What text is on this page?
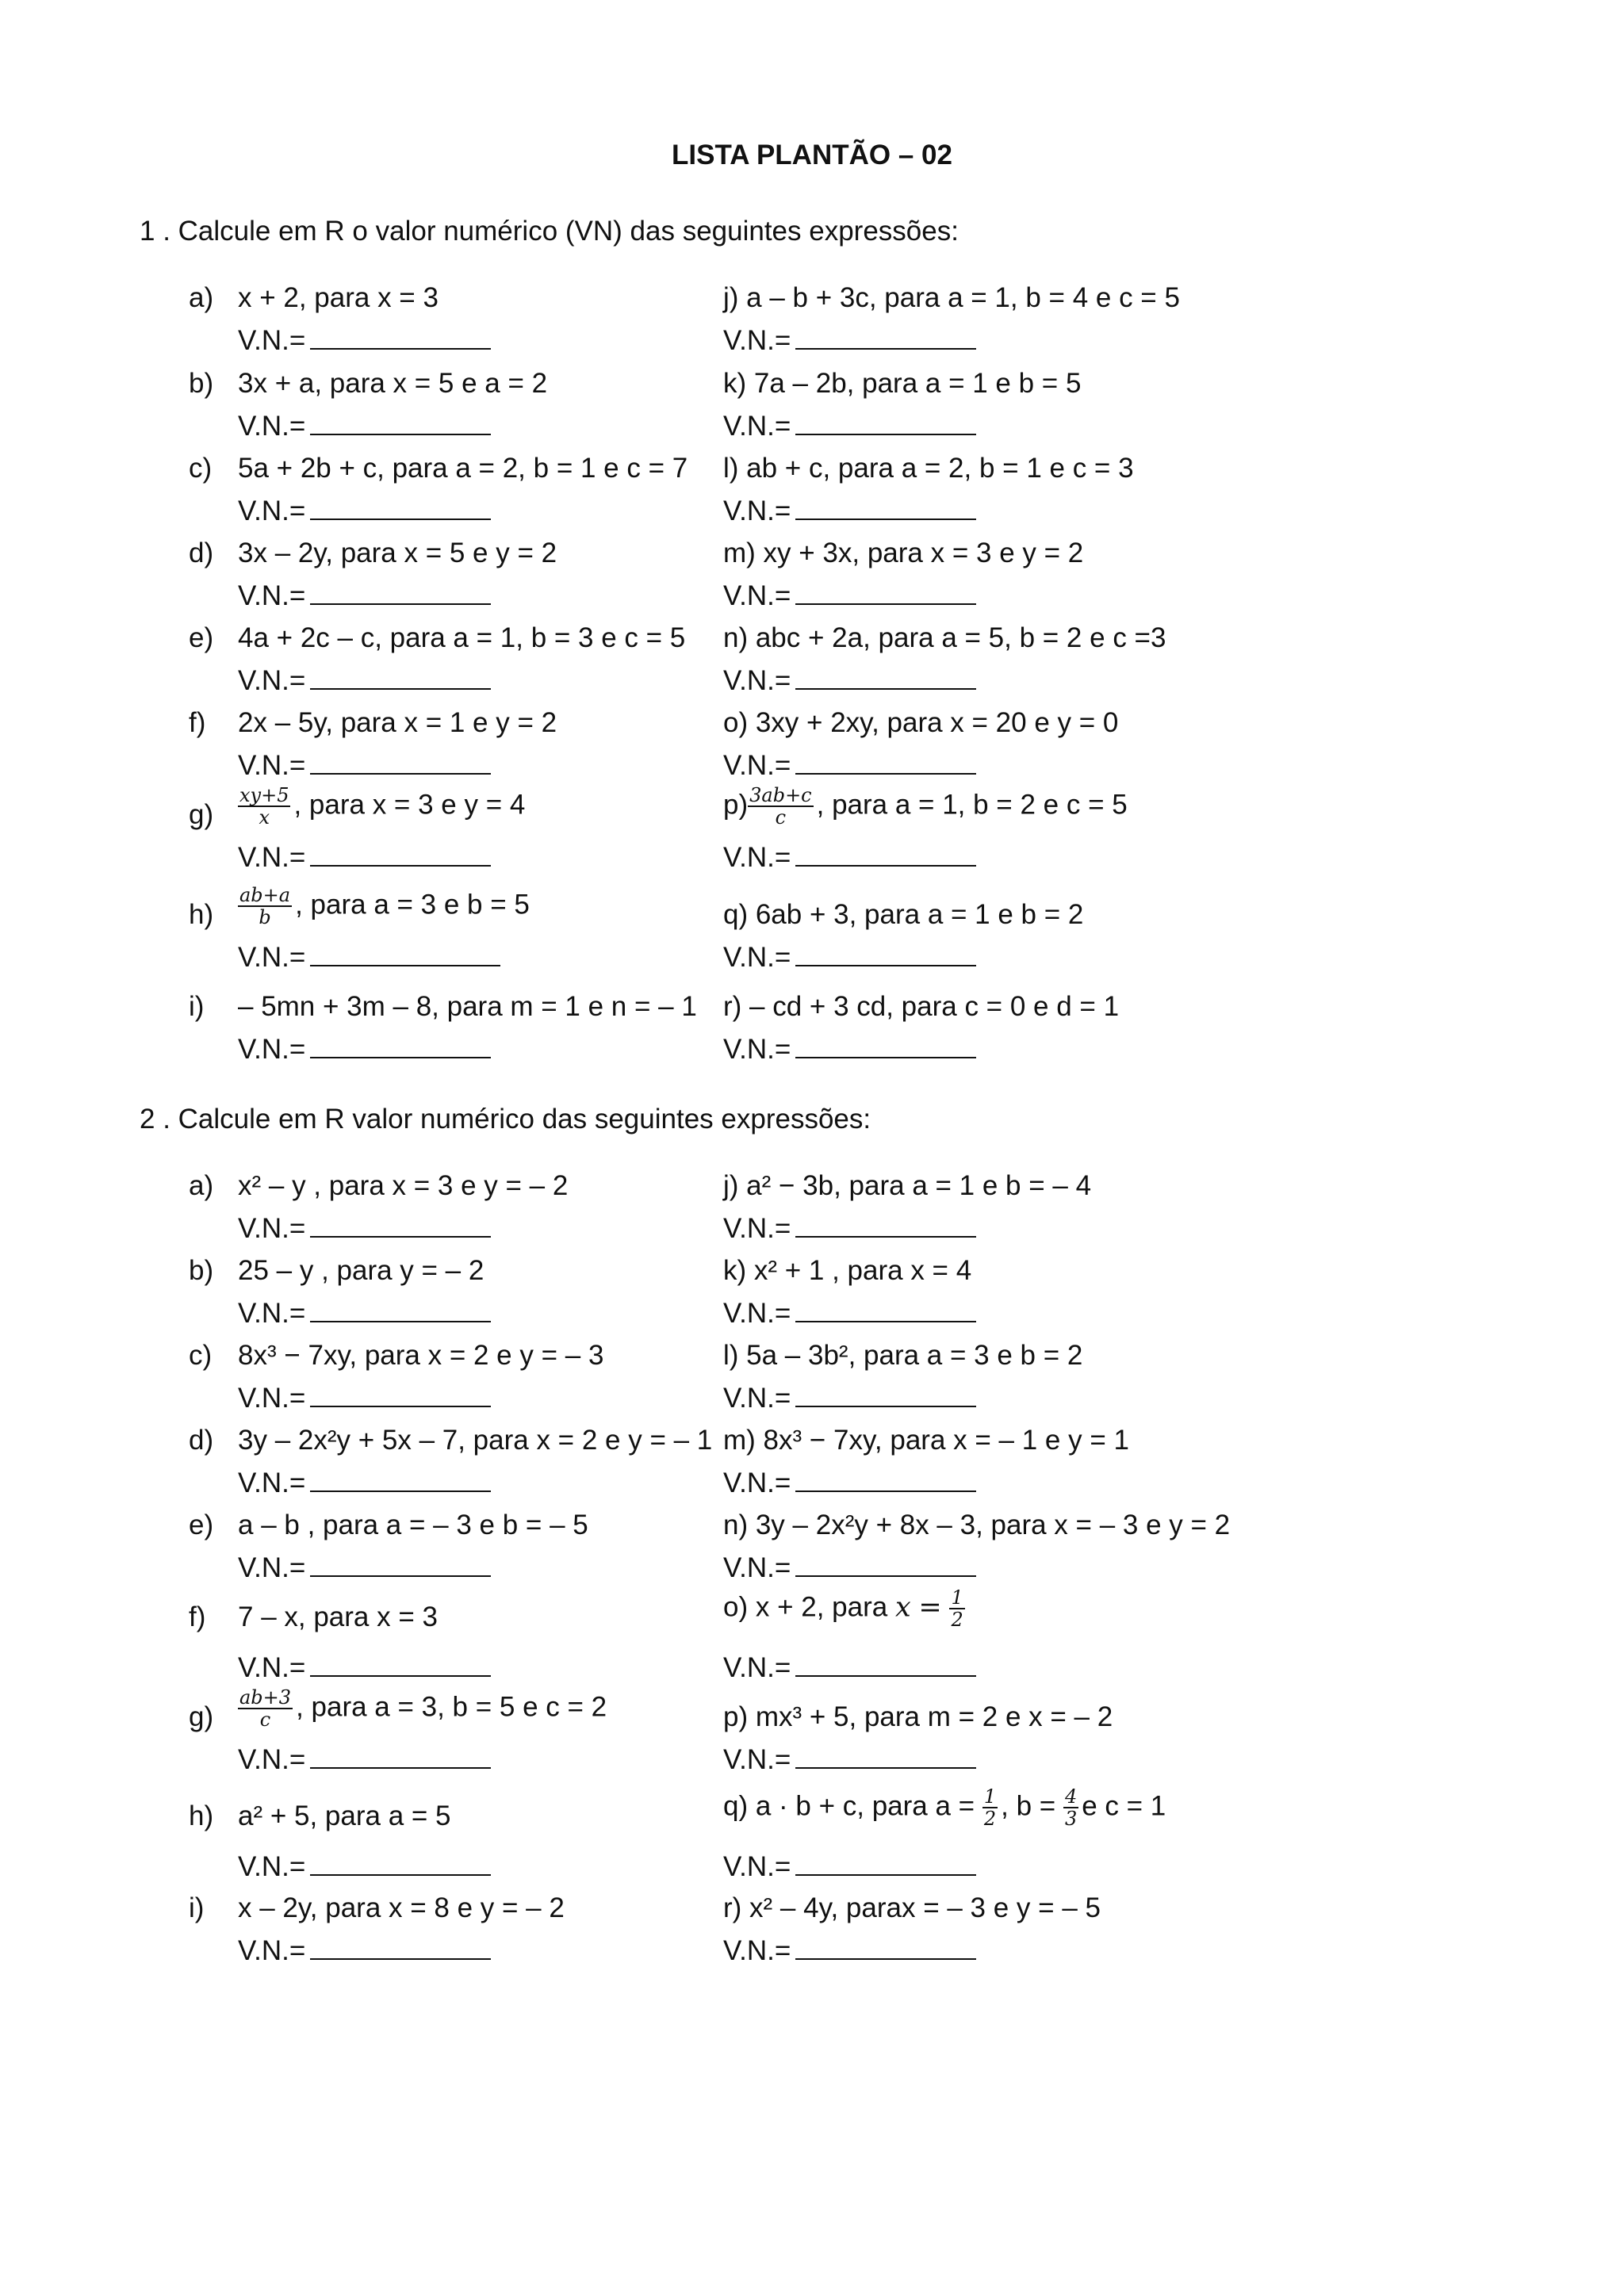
LISTA PLANTÃO – 02
1 . Calcule em R o valor numérico (VN) das seguintes expressões:
a) x + 2, para x = 3	j) a – b + 3c, para a = 1, b = 4 e c = 5
V.N.=	V.N.=
b) 3x + a, para x = 5 e a = 2	k) 7a – 2b, para a = 1 e b = 5
V.N.=	V.N.=
c) 5a + 2b + c, para a = 2, b = 1 e c = 7 l) ab + c, para a = 2, b = 1 e c = 3
V.N.=	V.N.=
d) 3x – 2y, para x = 5 e y = 2	m) xy + 3x, para x = 3 e y = 2
V.N.=	V.N.=
e) 4a + 2c – c, para a = 1, b = 3 e c = 5 n) abc + 2a, para a = 5, b = 2 e c =3
V.N.=	V.N.=
f) 2x – 5y, para x = 1 e y = 2	o) 3xy + 2xy, para x = 20 e y = 0
V.N.=	V.N.=
$g) \frac{xy+5}{x}$ , para x = 3 e y = 4	$p) \frac{3ab+c}{c}$ , para a = 1, b = 2 e c = 5
V.N.=	V.N.=
$h) \frac{ab+a}{b}$ , para a = 3 e b = 5	q) 6ab + 3, para a = 1 e b = 2
V.N.=	V.N.=
i) – 5mn + 3m – 8, para m = 1 e n = – 1 r) – cd + 3 cd, para c = 0 e d = 1
V.N.=	V.N.=
2 . Calcule em R valor numérico das seguintes expressões:
a) x² – y , para x = 3 e y = – 2	j) a² − 3b, para a = 1 e b = – 4
V.N.=	V.N.=
b) 25 – y , para y = – 2	k) x² + 1 , para x = 4
V.N.=	V.N.=
c) 8x³ − 7xy, para x = 2 e y = – 3	l) 5a – 3b², para a = 3 e b = 2
V.N.=	V.N.=
d) 3y – 2x²y + 5x – 7, para x = 2 e y = – 1 m) 8x³ − 7xy, para x = – 1 e y = 1
V.N.=	V.N.=
e) a – b , para a = – 3 e b = – 5	n) 3y – 2x²y + 8x – 3, para x = – 3 e y = 2
V.N.=	V.N.=
f) 7 – x, para x = 3	o) x + 2, para $x = \frac{1}{2}$
V.N.=	V.N.=
$g) \frac{ab+3}{c}$ , para a = 3, b = 5 e c = 2	p) mx³ + 5, para m = 2 e x = – 2
V.N.=	V.N.=
h) a² + 5, para a = 5	q) a · b + c, para $a = \frac{1}{2}$ , $b = \frac{4}{3}$ e c = 1
V.N.=	V.N.=
i) x – 2y, para x = 8 e y = – 2	r) x² – 4y, parax = – 3 e y = – 5
V.N.=	V.N.=
